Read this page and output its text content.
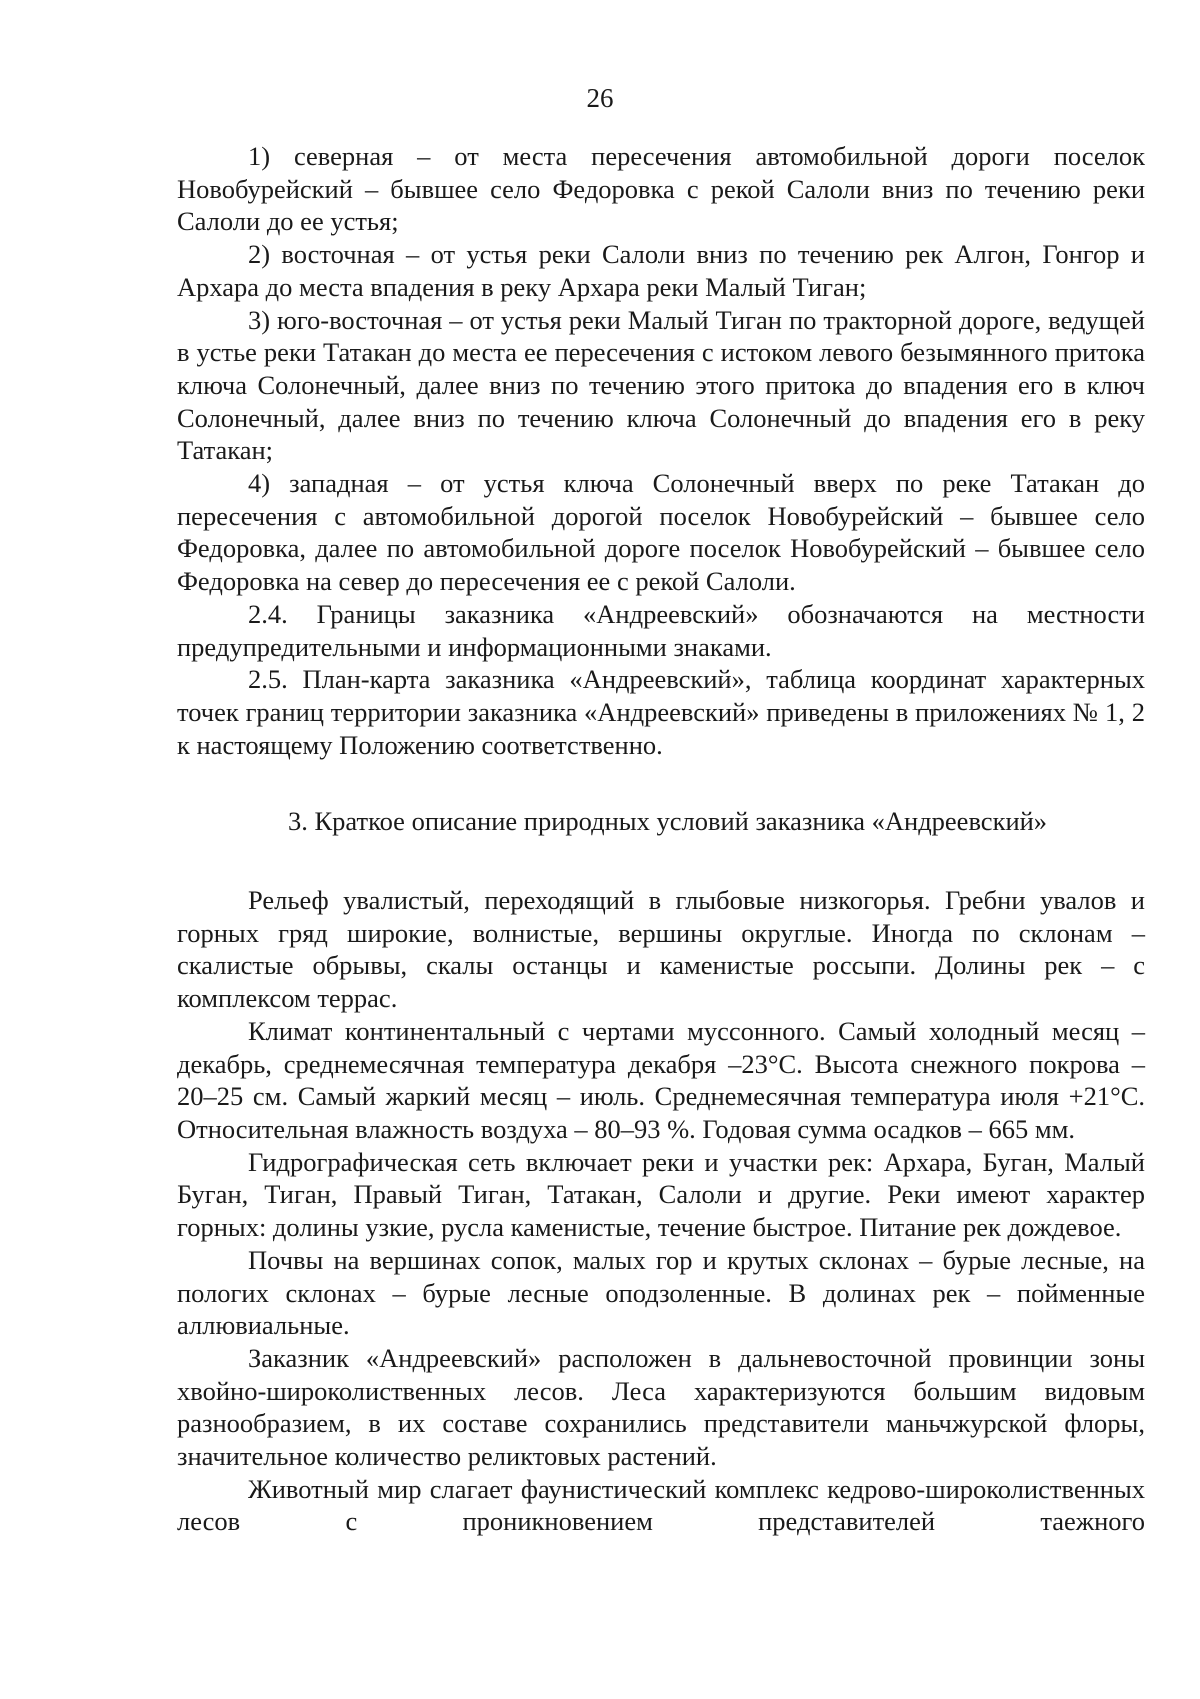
26

1) северная – от места пересечения автомобильной дороги поселок Новобурейский – бывшее село Федоровка с рекой Салоли вниз по течению реки Салоли до ее устья;

2) восточная – от устья реки Салоли вниз по течению рек Алгон, Гонгор и Архара до места впадения в реку Архара реки Малый Тиган;

3) юго-восточная – от устья реки Малый Тиган по тракторной дороге, ведущей в устье реки Татакан до места ее пересечения с истоком левого безымянного притока ключа Солонечный, далее вниз по течению этого притока до впадения его в ключ Солонечный, далее вниз по течению ключа Солонечный до впадения его в реку Татакан;

4) западная – от устья ключа Солонечный вверх по реке Татакан до пересечения с автомобильной дорогой поселок Новобурейский – бывшее село Федоровка, далее по автомобильной дороге поселок Новобурейский – бывшее село Федоровка на север до пересечения ее с рекой Салоли.

2.4. Границы заказника «Андреевский» обозначаются на местности предупредительными и информационными знаками.

2.5. План-карта заказника «Андреевский», таблица координат характерных точек границ территории заказника «Андреевский» приведены в приложениях № 1, 2 к настоящему Положению соответственно.

3. Краткое описание природных условий заказника «Андреевский»

Рельеф увалистый, переходящий в глыбовые низкогорья. Гребни увалов и горных гряд широкие, волнистые, вершины округлые. Иногда по склонам – скалистые обрывы, скалы останцы и каменистые россыпи. Долины рек – с комплексом террас.

Климат континентальный с чертами муссонного. Самый холодный месяц – декабрь, среднемесячная температура декабря –23°С. Высота снежного покрова – 20–25 см. Самый жаркий месяц – июль. Среднемесячная температура июля +21°С. Относительная влажность воздуха – 80–93 %. Годовая сумма осадков – 665 мм.

Гидрографическая сеть включает реки и участки рек: Архара, Буган, Малый Буган, Тиган, Правый Тиган, Татакан, Салоли и другие. Реки имеют характер горных: долины узкие, русла каменистые, течение быстрое. Питание рек дождевое.

Почвы на вершинах сопок, малых гор и крутых склонах – бурые лесные, на пологих склонах – бурые лесные оподзоленные. В долинах рек – пойменные аллювиальные.

Заказник «Андреевский» расположен в дальневосточной провинции зоны хвойно-широколиственных лесов. Леса характеризуются большим видовым разнообразием, в их составе сохранились представители маньчжурской флоры, значительное количество реликтовых растений.

Животный мир слагает фаунистический комплекс кедрово-широколиственных лесов с проникновением представителей таежного
